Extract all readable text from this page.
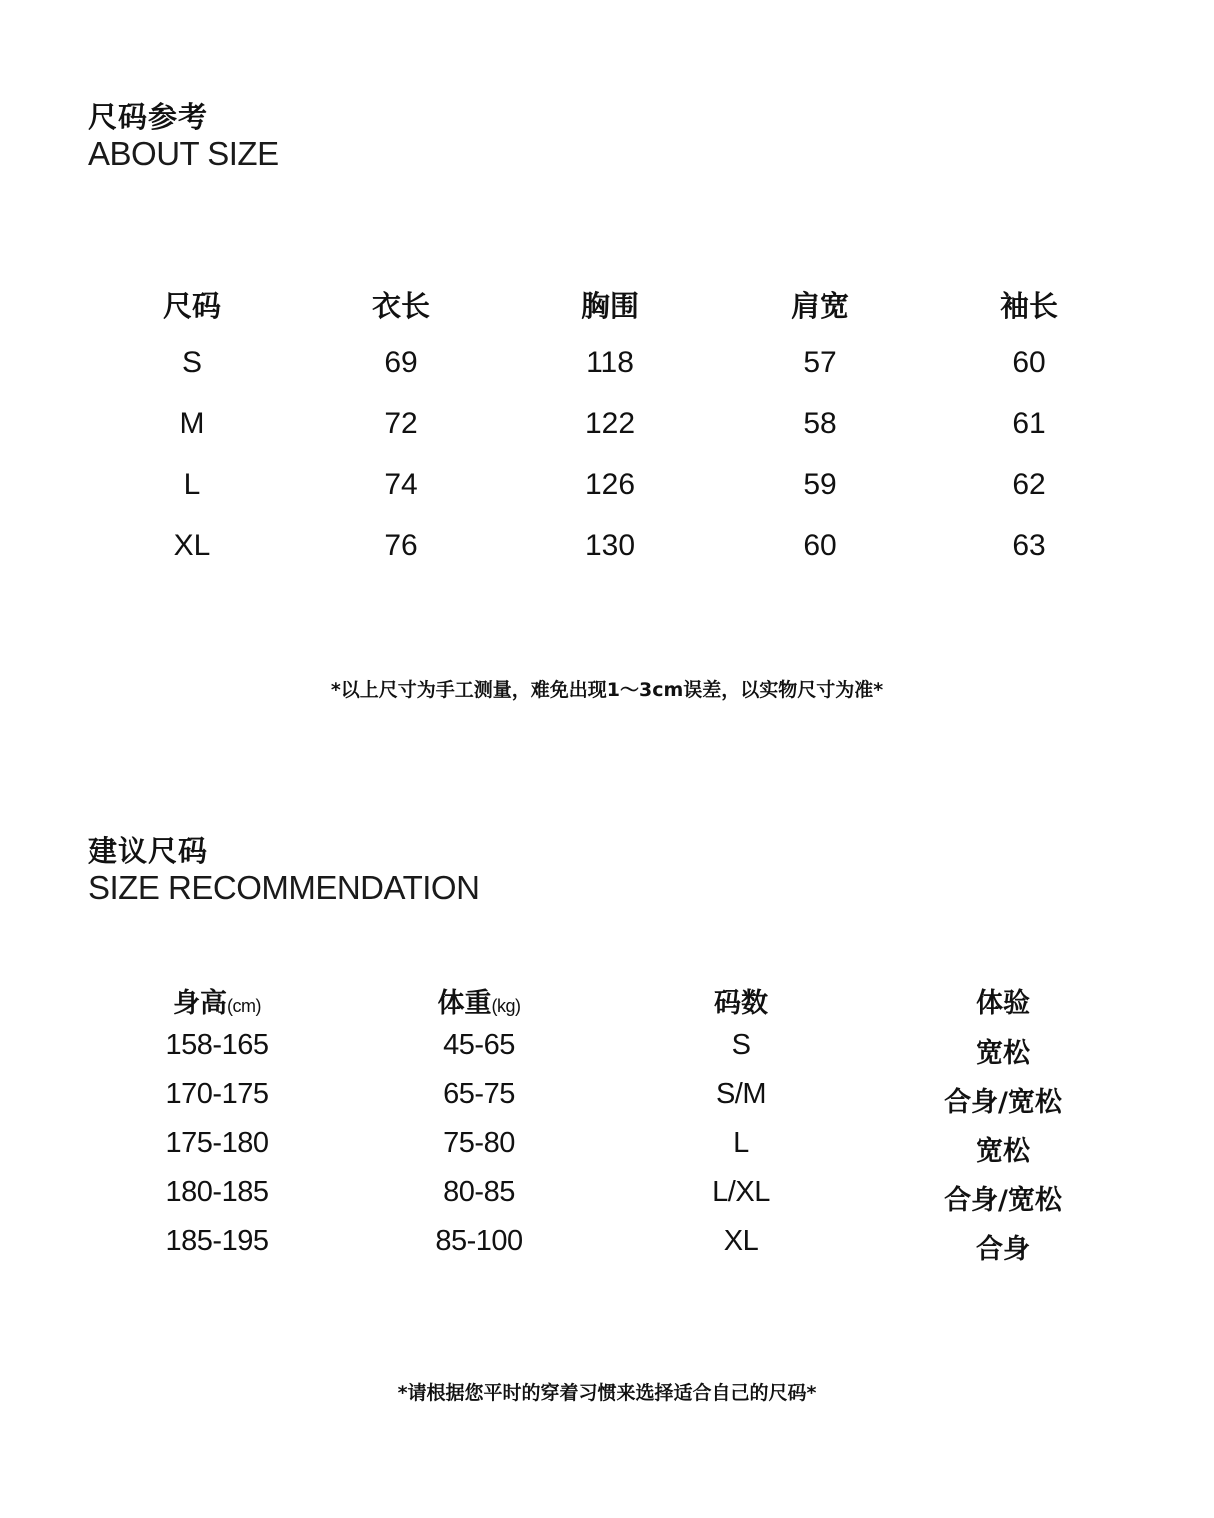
尺码参考
ABOUT SIZE
尺码	衣长	胸围	肩宽	袖长
S	69	118	57	60
M	72	122	58	61
L	74	126	59	62
XL	76	130	60	63
*以上尺寸为手工测量，难免出现1～3cm误差，以实物尺寸为准*
建议尺码
SIZE RECOMMENDATION
身高(cm)	体重(kg)	码数	体验
158-165	45-65	S	宽松
170-175	65-75	S/M	合身/宽松
175-180	75-80	L	宽松
180-185	80-85	L/XL	合身/宽松
185-195	85-100	XL	合身
*请根据您平时的穿着习惯来选择适合自己的尺码*
